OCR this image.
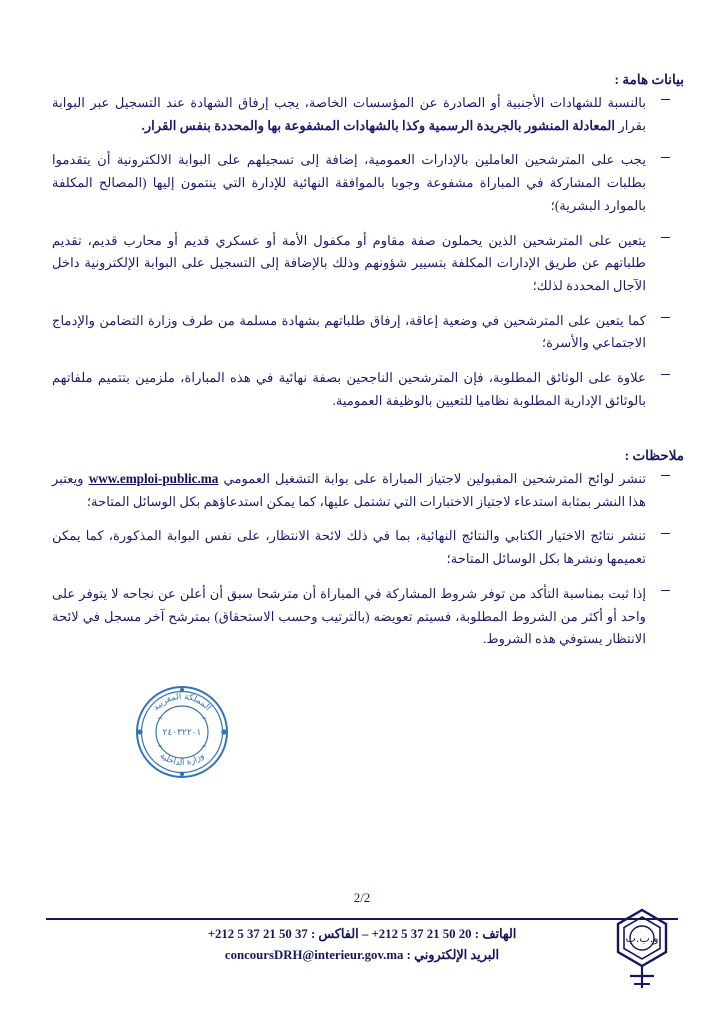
بيانات هامة :
بالنسبة للشهادات الأجنبية أو الصادرة عن المؤسسات الخاصة، يجب إرفاق الشهادة عند التسجيل عبر البوابة بقرار المعادلة المنشور بالجريدة الرسمية وكذا بالشهادات المشفوعة بها والمحددة بنفس القرار.
يجب على المترشحين العاملين بالإدارات العمومية، إضافة إلى تسجيلهم على البوابة الالكترونية أن يتقدموا بطلبات المشاركة في المباراة مشفوعة وجوبا بالموافقة النهائية للإدارة التي ينتمون إليها (المصالح المكلفة بالموارد البشرية)؛
يتعين على المترشحين الذين يحملون صفة مقاوم أو مكفول الأمة أو عسكري قديم أو محارب قديم، تقديم طلباتهم عن طريق الإدارات المكلفة بتسيير شؤونهم وذلك بالإضافة إلى التسجيل على البوابة الإلكترونية داخل الآجال المحددة لذلك؛
كما يتعين على المترشحين في وضعية إعاقة، إرفاق طلباتهم بشهادة مسلمة من طرف وزارة التضامن والإدماج الاجتماعي والأسرة؛
علاوة على الوثائق المطلوبة، فإن المترشحين الناجحين بصفة نهائية في هذه المباراة، ملزمين بتتميم ملفاتهم بالوثائق الإدارية المطلوبة نظاميا للتعيين بالوظيفة العمومية.
ملاحظات :
تنشر لوائح المترشحين المقبولين لاجتياز المباراة على بوابة التشغيل العمومي www.emploi-public.ma ويعتبر هذا النشر بمثابة استدعاء لاجتياز الاختبارات التي تشتمل عليها، كما يمكن استدعاؤهم بكل الوسائل المتاحة؛
تنشر نتائج الاختيار الكتابي والنتائج النهائية، بما في ذلك لائحة الانتظار، على نفس البوابة المذكورة، كما يمكن تعميمها ونشرها بكل الوسائل المتاحة؛
إذا ثبت بمناسبة التأكد من توفر شروط المشاركة في المباراة أن مترشحا سبق أن أعلن عن نجاحه لا يتوفر على واحد أو أكثر من الشروط المطلوبة، فسيتم تعويضه (بالترتيب وحسب الاستحقاق) بمترشح آخر مسجل في لائحة الانتظار يستوفي هذه الشروط.
المملكة المغربية
وزارة الداخلية
٢٤٠٣٢٢٠١
2/2
و.ب.ب
الهاتف : +212 5 37 21 50 20 – الفاكس : +212 5 37 21 50 37
البريد الإلكتروني : concoursDRH@interieur.gov.ma
